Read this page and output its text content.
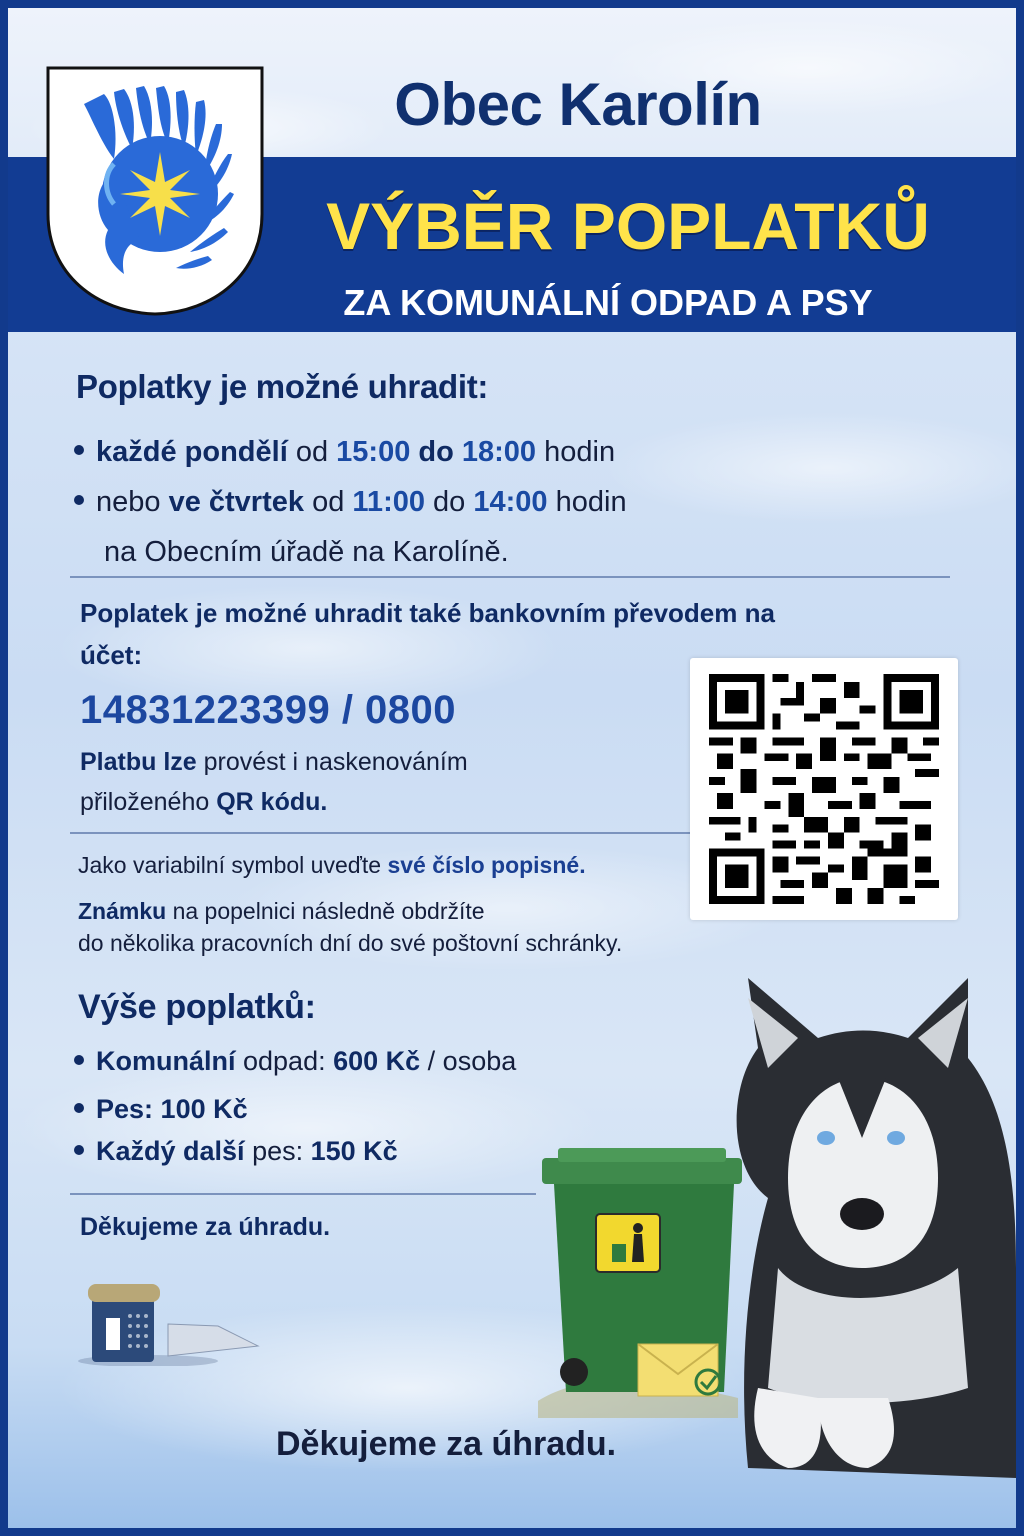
Obec Karolín
VÝBĚR POPLATKŮ
ZA KOMUNÁLNÍ ODPAD A PSY
Poplatky je možné uhradit:
každé pondělí od 15:00 do 18:00 hodin
nebo ve čtvrtek od 11:00 do 14:00 hodin
na Obecním úřadě na Karolíně.
Poplatek je možné uhradit také bankovním převodem na
účet:
14831223399 / 0800
Platbu lze provést i naskenováním
přiloženého QR kódu.
Jako variabilní symbol uveďte své číslo popisné.
Známku na popelnici následně obdržíte
do několika pracovních dní do své poštovní schránky.
Výše poplatků:
Komunální odpad: 600 Kč / osoba
Pes: 100 Kč
Každý další pes: 150 Kč
Děkujeme za úhradu.
Děkujeme za úhradu.
